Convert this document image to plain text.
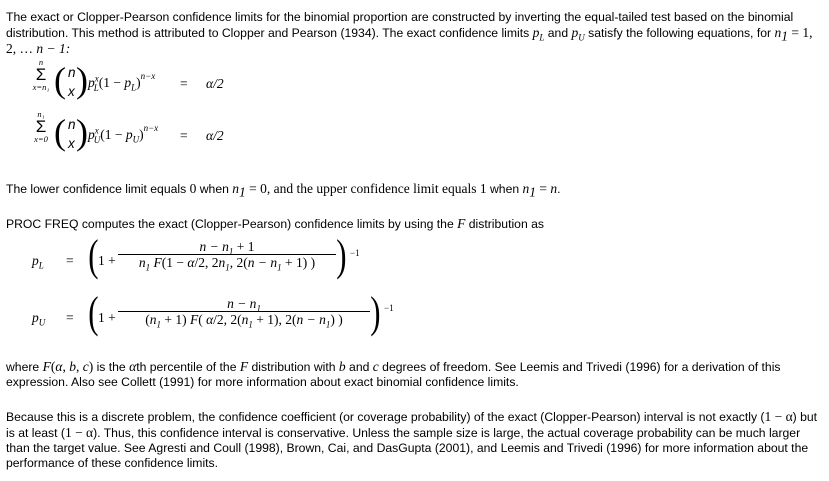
The exact or Clopper-Pearson confidence limits for the binomial proportion are constructed by inverting the equal-tailed test based on the binomial distribution. This method is attributed to Clopper and Pearson (1934). The exact confidence limits $p_L$ and $p_U$ satisfy the following equations, for $n_1 = 1$, 2, … n − 1:

n
Σ
x=n₁ ( n
x ) $p^x_L(1 - p_L)^{n-x} = \alpha/2$
n₁
Σ
x=0 ( n
x ) $p^x_U(1 - p_U)^{n-x} = \alpha/2$

The lower confidence limit equals 0 when $n_1 = 0$, and the upper confidence limit equals 1 when $n_1 = n$.

PROC FREQ computes the exact (Clopper-Pearson) confidence limits by using the F distribution as

$p_L$ = ( $1 + \frac{n - n_1 + 1}{n_1 F(1 - \alpha/2, 2n_1, 2(n - n_1 + 1) )}$ ) −1
$p_U$ = ( $1 + \frac{n - n_1}{(n_1 + 1) F( \alpha/2, 2(n_1 + 1), 2(n - n_1) )}$ ) −1

where F(α, b, c) is the αth percentile of the F distribution with b and c degrees of freedom. See Leemis and Trivedi (1996) for a derivation of this expression. Also see Collett (1991) for more information about exact binomial confidence limits.

Because this is a discrete problem, the confidence coefficient (or coverage probability) of the exact (Clopper-Pearson) interval is not exactly (1 − α) but is at least (1 − α). Thus, this confidence interval is conservative. Unless the sample size is large, the actual coverage probability can be much larger than the target value. See Agresti and Coull (1998), Brown, Cai, and DasGupta (2001), and Leemis and Trivedi (1996) for more information about the performance of these confidence limits.
